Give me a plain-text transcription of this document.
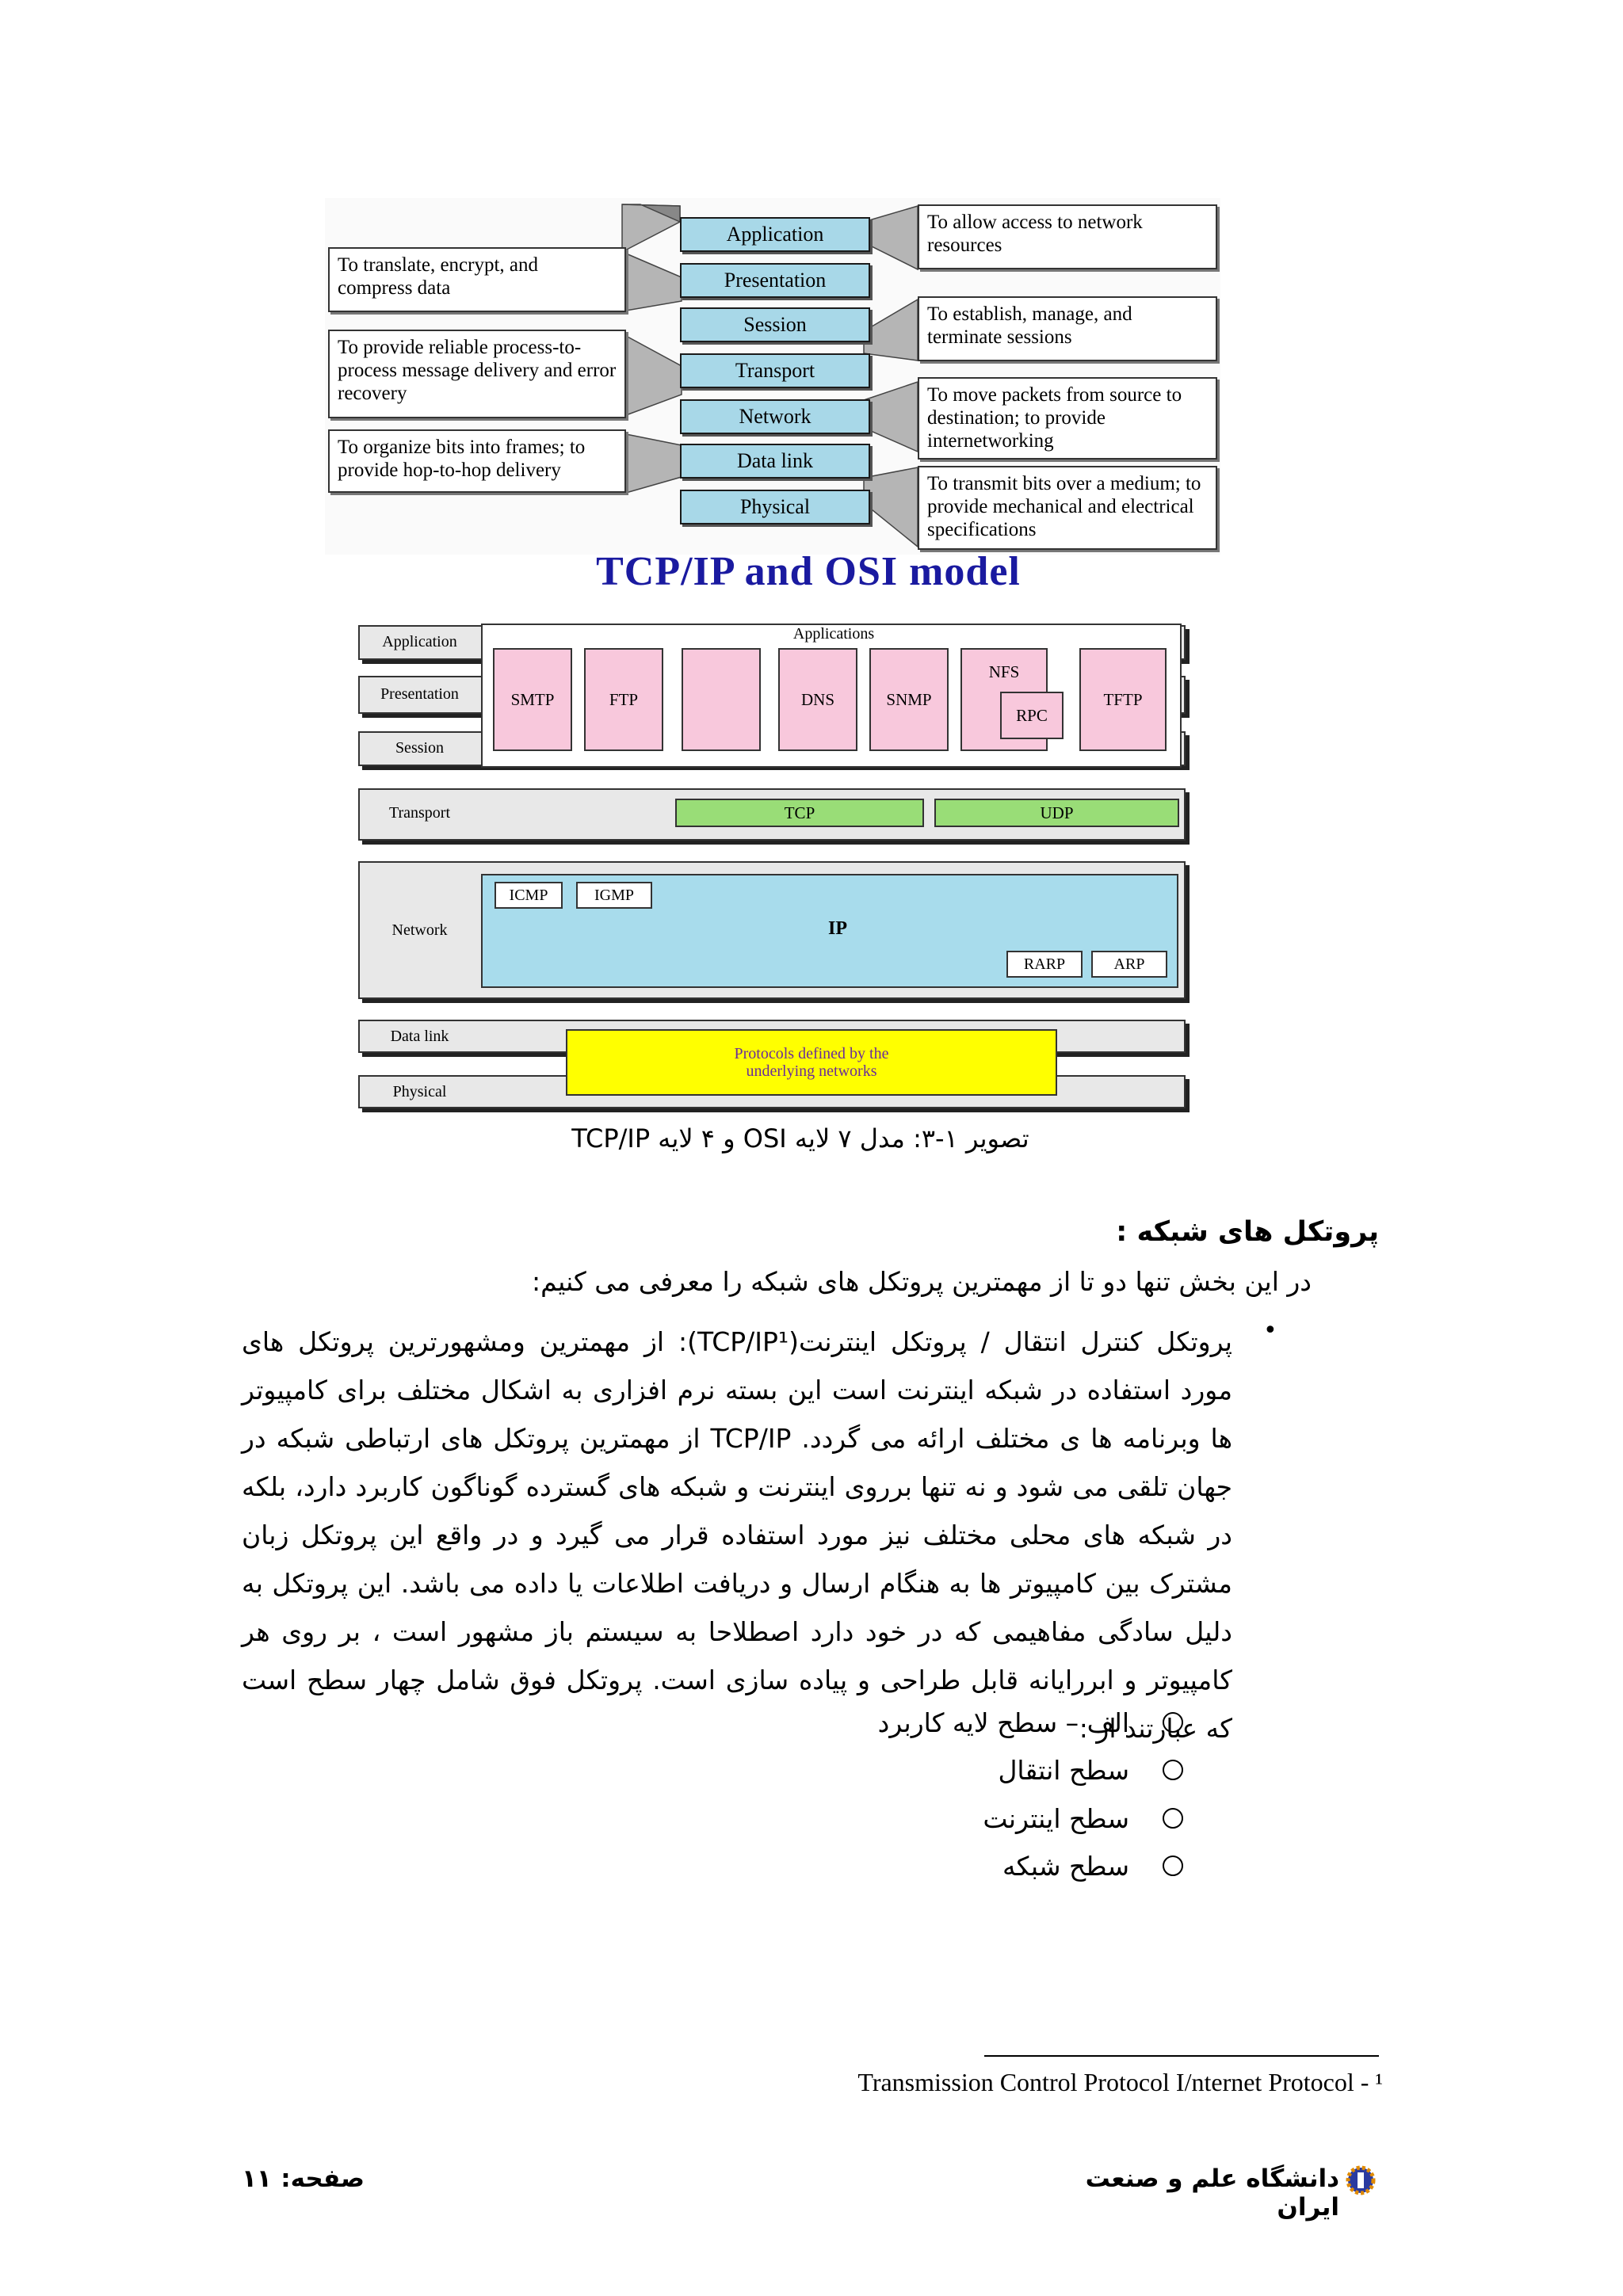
Application
Presentation
Session
Transport
Network
Data link
Physical
To allow access to network resources
To establish, manage, and terminate sessions
To move packets from source to destination; to provide internetworking
To transmit bits over a medium; to provide mechanical and electrical specifications
To translate, encrypt, and compress data
To provide reliable process-to-process message delivery and error recovery
To organize bits into frames; to provide hop-to-hop delivery
TCP/IP and OSI model
Application
Presentation
Session
Applications
SMTP	FTP	DNS	SNMP
NFS
RPC
TFTP
Transport	TCP	UDP
Network
ICMP	IGMP
IP
RARP	ARP
Data link
Physical
Protocols defined by the underlying networks
تصویر ۱-۳: مدل ۷ لایه OSI و ۴ لایه TCP/IP
پروتکل های شبکه :
در این بخش تنها دو تا از مهمترین پروتکل های شبکه را معرفی می کنیم:
•
پروتکل کنترل انتقال / پروتکل اینترنت(TCP/IP¹): از مهمترین ومشهورترین پروتکل های مورد استفاده در شبکه اینترنت است این بسته نرم افزاری به اشکال مختلف برای کامپیوتر ها وبرنامه ها ی مختلف ارائه می گردد. TCP/IP از مهمترین پروتکل های ارتباطی شبکه در جهان تلقی می شود و نه تنها برروی اینترنت و شبکه های گسترده گوناگون کاربرد دارد، بلکه در شبکه های محلی مختلف نیز مورد استفاده قرار می گیرد و در واقع این پروتکل زبان مشترک بین کامپیوتر ها به هنگام ارسال و دریافت اطلاعات یا داده می باشد. این پروتکل به دلیل سادگی مفاهیمی که در خود دارد اصطلاحا به سیستم باز مشهور است ، بر روی هر کامپیوتر و ابررایانه قابل طراحی و پیاده سازی است. پروتکل فوق شامل چهار سطح است که عبارتند از :
الف – سطح لایه کاربرد
سطح انتقال
سطح اینترنت
سطح شبکه
Transmission Control Protocol I/nternet Protocol - ¹
دانشگاه علم و صنعت ایران
صفحه:
۱۱
